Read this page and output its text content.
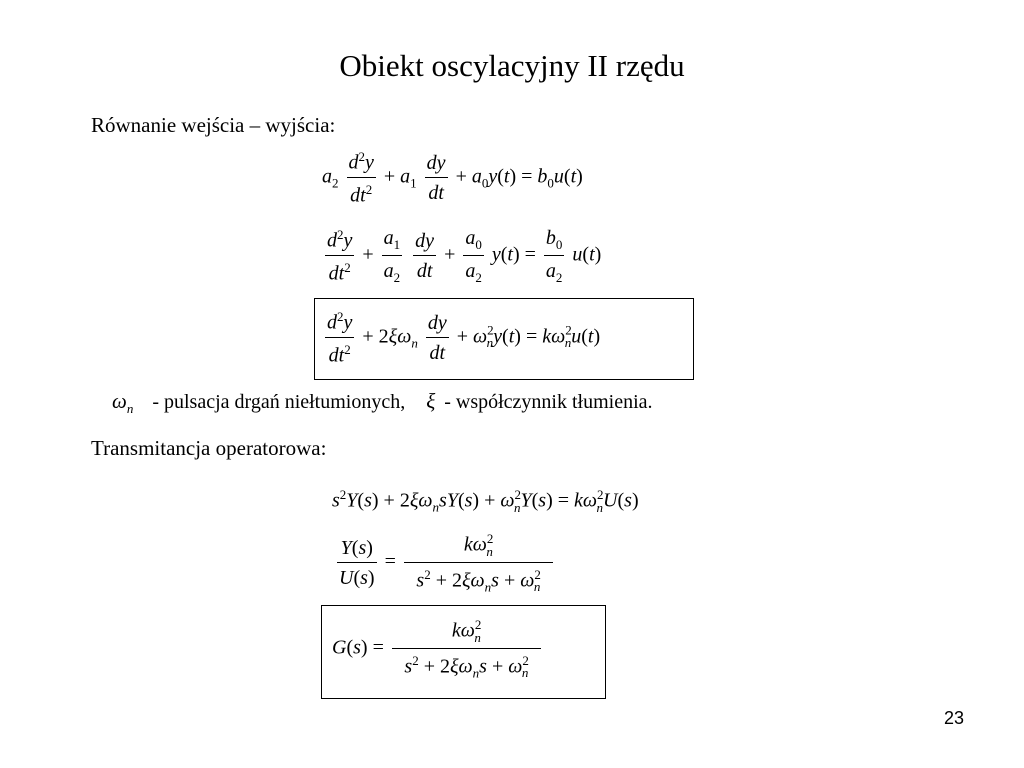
Obiekt oscylacyjny II rzędu
Równanie wejścia – wyjścia:
$a_2 \frac{d^2y}{dt^2} + a_1 \frac{dy}{dt} + a_0y(t) = b_0u(t)$
$\frac{d^2y}{dt^2} + \frac{a_1}{a_2}$
$\frac{dy}{dt} + \frac{a_0}{a_2} y(t) = \frac{b_0}{a_2} u(t)$
$\frac{d^2y}{dt^2} + 2\xi\omega_n \frac{dy}{dt} + \omega^2_ny(t) = k\omega^2_nu(t)$
$\omega_n$ - pulsacja drgań niełtumionych, ξ - współczynnik tłumienia.
Transmitancja operatorowa:
$s^2Y(s) + 2\xi\omega_nsY(s) + \omega^2_nY(s) = k\omega^2_nU(s)$
$\frac{Y(s)}{U(s)} = \frac{k\omega^2_n}{s^2 + 2\xi\omega_ns + \omega^2_n}$
$G(s) = \frac{k\omega^2_n}{s^2 + 2\xi\omega_ns + \omega^2_n}$
23
